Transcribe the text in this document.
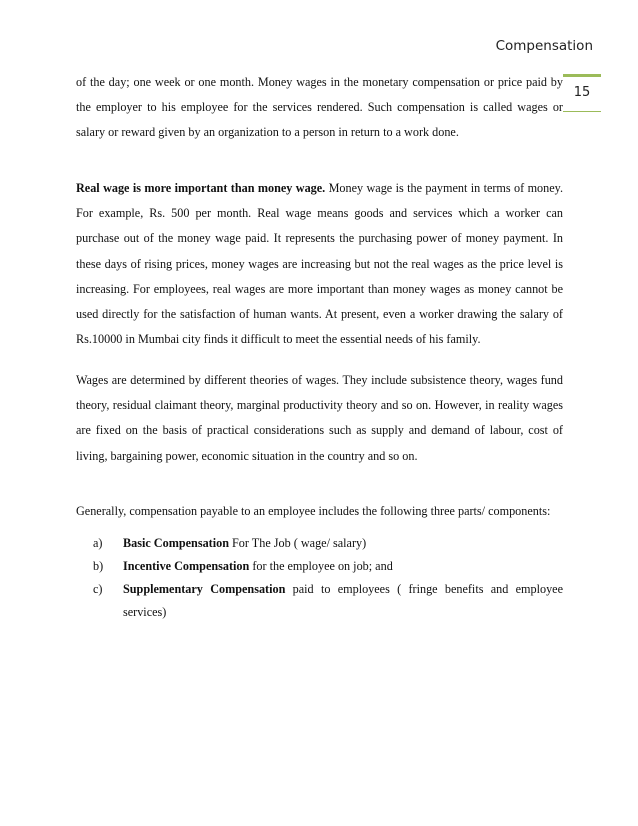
Compensation
15

of the day; one week or one month. Money wages in the monetary compensation or price paid by the employer to his employee for the services rendered. Such compensation is called wages or salary or reward given by an organization to a person in return to a work done.

Real wage is more important than money wage. Money wage is the payment in terms of money. For example, Rs. 500 per month. Real wage means goods and services which a worker can purchase out of the money wage paid. It represents the purchasing power of money payment. In these days of rising prices, money wages are increasing but not the real wages as the price level is increasing. For employees, real wages are more important than money wages as money cannot be used directly for the satisfaction of human wants. At present, even a worker drawing the salary of Rs.10000 in Mumbai city finds it difficult to meet the essential needs of his family.

Wages are determined by different theories of wages. They include subsistence theory, wages fund theory, residual claimant theory, marginal productivity theory and so on. However, in reality wages are fixed on the basis of practical considerations such as supply and demand of labour, cost of living, bargaining power, economic situation in the country and so on.

Generally, compensation payable to an employee includes the following three parts/ components:

a)	Basic Compensation For The Job ( wage/ salary)
b)	Incentive Compensation for the employee on job; and
c)	Supplementary Compensation paid to employees ( fringe benefits and employee services)
